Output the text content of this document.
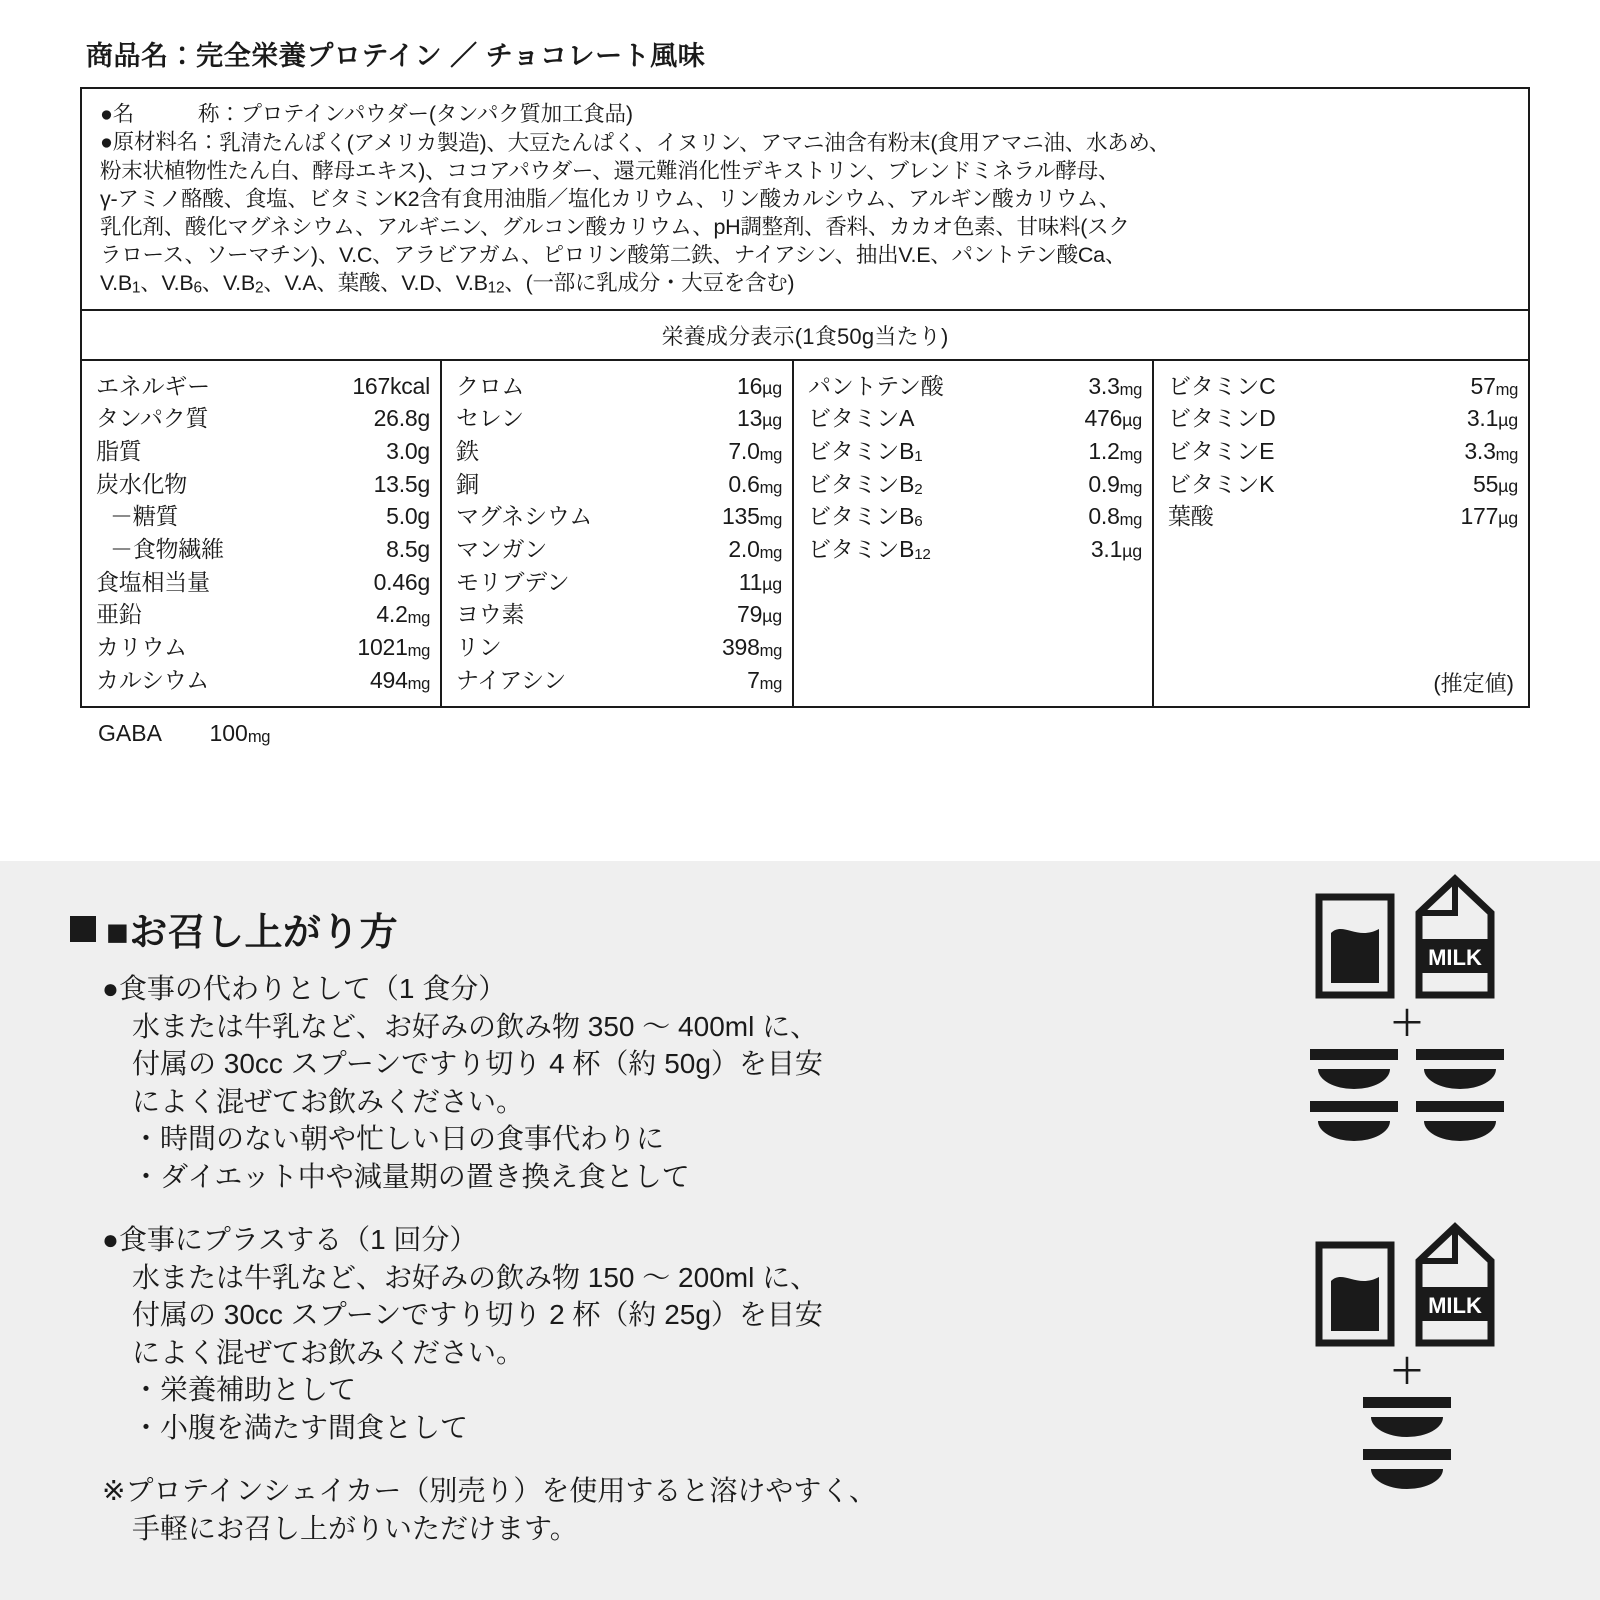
商品名：完全栄養プロテイン ／ チョコレート風味
●名　　　称： プロテインパウダー(タンパク質加工食品)
●原材料名： 乳清たんぱく(アメリカ製造)、大豆たんぱく、イヌリン、アマニ油含有粉末(食用アマニ油、水あめ、
粉末状植物性たん白、酵母エキス)、ココアパウダー、還元難消化性デキストリン、ブレンドミネラル酵母、
γ-アミノ酪酸、食塩、ビタミンK2含有食用油脂／塩化カリウム、リン酸カルシウム、アルギン酸カリウム、
乳化剤、酸化マグネシウム、アルギニン、グルコン酸カリウム、pH調整剤、香料、カカオ色素、甘味料(スク
ラロース、ソーマチン)、V.C、アラビアガム、ピロリン酸第二鉄、ナイアシン、抽出V.E、パントテン酸Ca、
V.B1、V.B6、V.B2、V.A、葉酸、V.D、V.B12、(一部に乳成分・大豆を含む)
栄養成分表示(1食50g当たり)
エネルギー	167kcal
タンパク質	26.8g
脂質	3.0g
炭水化物	13.5g
－糖質	5.0g
－食物繊維	8.5g
食塩相当量	0.46g
亜鉛	4.2mg
カリウム	1021mg
カルシウム	494mg
クロム	16µg
セレン	13µg
鉄	7.0mg
銅	0.6mg
マグネシウム	135mg
マンガン	2.0mg
モリブデン	11µg
ヨウ素	79µg
リン	398mg
ナイアシン	7mg
パントテン酸	3.3mg
ビタミンA	476µg
ビタミンB1	1.2mg
ビタミンB2	0.9mg
ビタミンB6	0.8mg
ビタミンB12	3.1µg
ビタミンC	57mg
ビタミンD	3.1µg
ビタミンE	3.3mg
ビタミンK	55µg
葉酸	177µg
(推定値)
GABA 100mg
■お召し上がり方
●食事の代わりとして（1 食分）
水または牛乳など、お好みの飲み物 350 〜 400ml に、
付属の 30cc スプーンですり切り 4 杯（約 50g）を目安
によく混ぜてお飲みください。
・時間のない朝や忙しい日の食事代わりに
・ダイエット中や減量期の置き換え食として
●食事にプラスする（1 回分）
水または牛乳など、お好みの飲み物 150 〜 200ml に、
付属の 30cc スプーンですり切り 2 杯（約 25g）を目安
によく混ぜてお飲みください。
・栄養補助として
・小腹を満たす間食として
※プロテインシェイカー（別売り）を使用すると溶けやすく、
手軽にお召し上がりいただけます。
MILK
＋
MILK
＋
